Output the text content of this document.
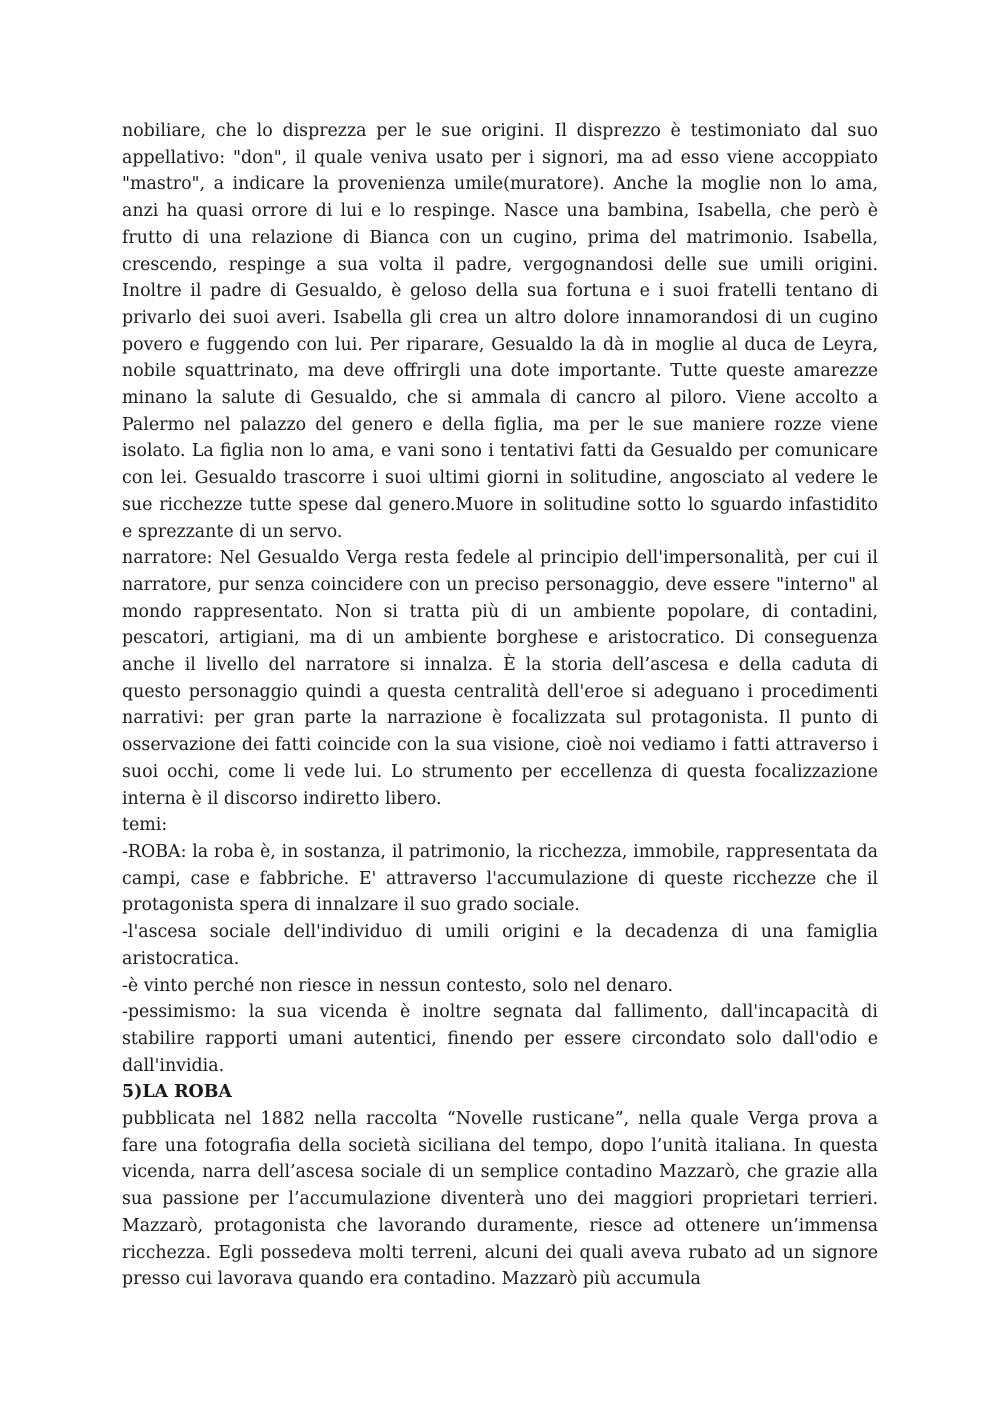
nobiliare, che lo disprezza per le sue origini. Il disprezzo è testimoniato dal suo appellativo: "don", il quale veniva usato per i signori, ma ad esso viene accoppiato "mastro", a indicare la provenienza umile(muratore). Anche la moglie non lo ama, anzi ha quasi orrore di lui e lo respinge. Nasce una bambina, Isabella, che però è frutto di una relazione di Bianca con un cugino, prima del matrimonio. Isabella, crescendo, respinge a sua volta il padre, vergognandosi delle sue umili origini. Inoltre il padre di Gesualdo, è geloso della sua fortuna e i suoi fratelli tentano di privarlo dei suoi averi. Isabella gli crea un altro dolore innamorandosi di un cugino povero e fuggendo con lui. Per riparare, Gesualdo la dà in moglie al duca de Leyra, nobile squattrinato, ma deve offrirgli una dote importante. Tutte queste amarezze minano la salute di Gesualdo, che si ammala di cancro al piloro. Viene accolto a Palermo nel palazzo del genero e della figlia, ma per le sue maniere rozze viene isolato. La figlia non lo ama, e vani sono i tentativi fatti da Gesualdo per comunicare con lei. Gesualdo trascorre i suoi ultimi giorni in solitudine, angosciato al vedere le sue ricchezze tutte spese dal genero.Muore in solitudine sotto lo sguardo infastidito e sprezzante di un servo.

narratore: Nel Gesualdo Verga resta fedele al principio dell'impersonalità, per cui il narratore, pur senza coincidere con un preciso personaggio, deve essere "interno" al mondo rappresentato. Non si tratta più di un ambiente popolare, di contadini, pescatori, artigiani, ma di un ambiente borghese e aristocratico. Di conseguenza anche il livello del narratore si innalza. È la storia dell’ascesa e della caduta di questo personaggio quindi a questa centralità dell'eroe si adeguano i procedimenti narrativi: per gran parte la narrazione è focalizzata sul protagonista. Il punto di osservazione dei fatti coincide con la sua visione, cioè noi vediamo i fatti attraverso i suoi occhi, come li vede lui. Lo strumento per eccellenza di questa focalizzazione interna è il discorso indiretto libero.

temi:

-ROBA: la roba è, in sostanza, il patrimonio, la ricchezza, immobile, rappresentata da campi, case e fabbriche. E' attraverso l'accumulazione di queste ricchezze che il protagonista spera di innalzare il suo grado sociale.

-l'ascesa sociale dell'individuo di umili origini e la decadenza di una famiglia aristocratica.

-è vinto perché non riesce in nessun contesto, solo nel denaro.

-pessimismo: la sua vicenda è inoltre segnata dal fallimento, dall'incapacità di stabilire rapporti umani autentici, finendo per essere circondato solo dall'odio e dall'invidia.

5)LA ROBA

pubblicata nel 1882 nella raccolta “Novelle rusticane”, nella quale Verga prova a fare una fotografia della società siciliana del tempo, dopo l’unità italiana. In questa vicenda, narra dell’ascesa sociale di un semplice contadino Mazzarò, che grazie alla sua passione per l’accumulazione diventerà uno dei maggiori proprietari terrieri. Mazzarò, protagonista che lavorando duramente, riesce ad ottenere un’immensa ricchezza. Egli possedeva molti terreni, alcuni dei quali aveva rubato ad un signore presso cui lavorava quando era contadino. Mazzarò più accumula
